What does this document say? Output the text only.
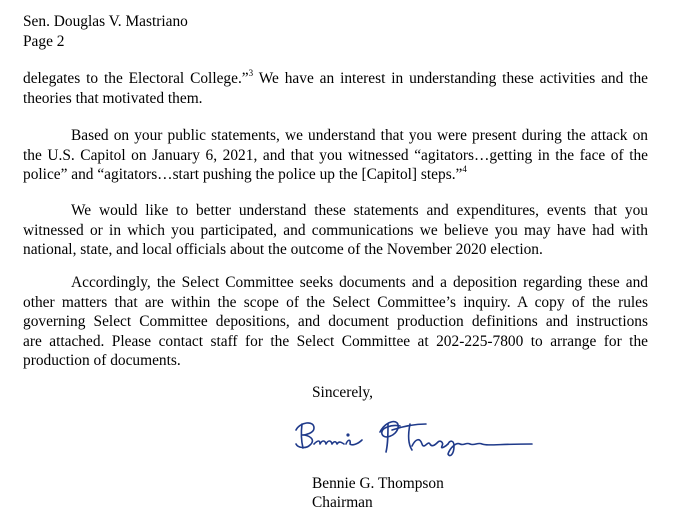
Sen. Douglas V. Mastriano
Page 2
delegates to the Electoral College.”$^3$ We have an interest in understanding these activities and the
theories that motivated them.
Based on your public statements, we understand that you were present during the attack on
the U.S. Capitol on January 6, 2021, and that you witnessed “agitators…getting in the face of the
police” and “agitators…start pushing the police up the [Capitol] steps.”$^4$
We would like to better understand these statements and expenditures, events that you
witnessed or in which you participated, and communications we believe you may have had with
national, state, and local officials about the outcome of the November 2020 election.
Accordingly, the Select Committee seeks documents and a deposition regarding these and
other matters that are within the scope of the Select Committee’s inquiry. A copy of the rules
governing Select Committee depositions, and document production definitions and instructions
are attached. Please contact staff for the Select Committee at 202-225-7800 to arrange for the
production of documents.
Sincerely,
Bennie G. Thompson
Chairman
